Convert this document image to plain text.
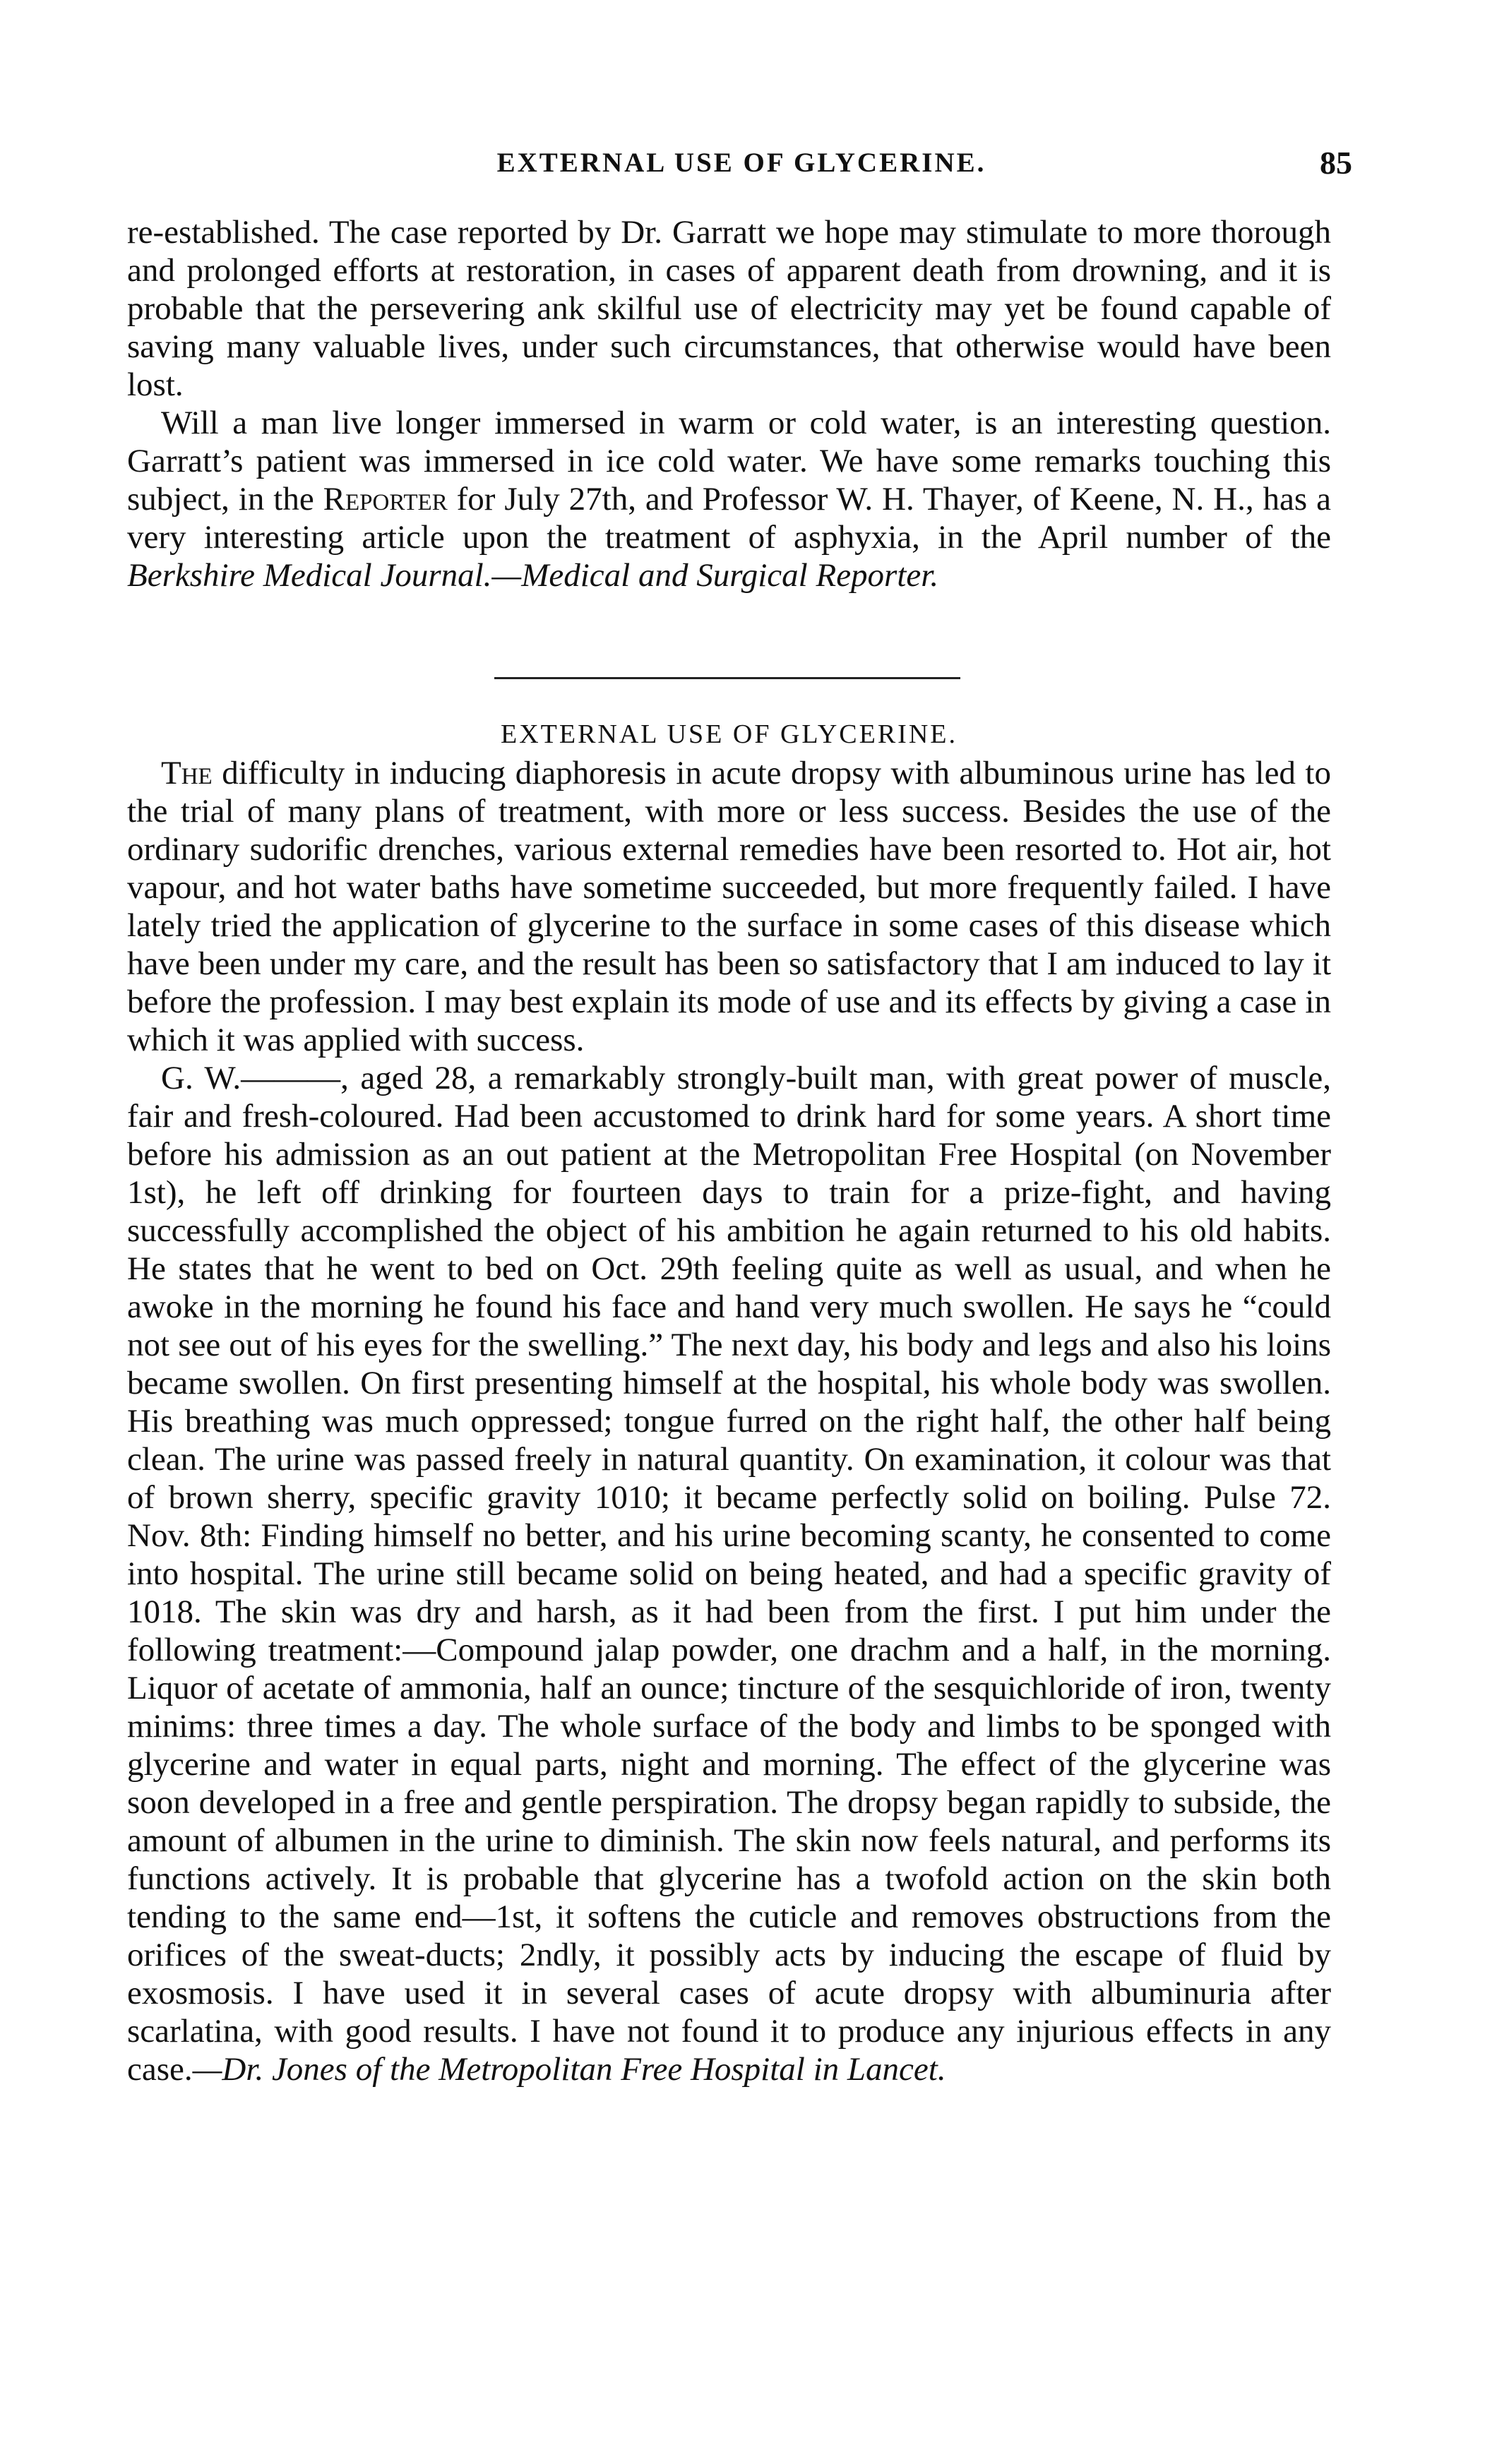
EXTERNAL USE OF GLYCERINE.	85

re-established. The case reported by Dr. Garratt we hope may stimulate to more thorough and prolonged efforts at restoration, in cases of apparent death from drowning, and it is probable that the persevering ank skilful use of electricity may yet be found capable of saving many valuable lives, under such circumstances, that otherwise would have been lost.

Will a man live longer immersed in warm or cold water, is an interesting question. Garratt’s patient was immersed in ice cold water. We have some remarks touching this subject, in the Reporter for July 27th, and Professor W. H. Thayer, of Keene, N. H., has a very interesting article upon the treatment of asphyxia, in the April number of the Berkshire Medical Journal.—Medical and Surgical Reporter.

EXTERNAL USE OF GLYCERINE.

The difficulty in inducing diaphoresis in acute dropsy with albuminous urine has led to the trial of many plans of treatment, with more or less success. Besides the use of the ordinary sudorific drenches, various external remedies have been resorted to. Hot air, hot vapour, and hot water baths have sometime succeeded, but more frequently failed. I have lately tried the application of glycerine to the surface in some cases of this disease which have been under my care, and the result has been so satisfactory that I am induced to lay it before the profession. I may best explain its mode of use and its effects by giving a case in which it was applied with success.

G. W.———, aged 28, a remarkably strongly-built man, with great power of muscle, fair and fresh-coloured. Had been accustomed to drink hard for some years. A short time before his admission as an out patient at the Metropolitan Free Hospital (on November 1st), he left off drinking for fourteen days to train for a prize-fight, and having successfully accomplished the object of his ambition he again returned to his old habits. He states that he went to bed on Oct. 29th feeling quite as well as usual, and when he awoke in the morning he found his face and hand very much swollen. He says he “could not see out of his eyes for the swelling.” The next day, his body and legs and also his loins became swollen. On first presenting himself at the hospital, his whole body was swollen. His breathing was much oppressed; tongue furred on the right half, the other half being clean. The urine was passed freely in natural quantity. On examination, it colour was that of brown sherry, specific gravity 1010; it became perfectly solid on boiling. Pulse 72. Nov. 8th: Finding himself no better, and his urine becoming scanty, he consented to come into hospital. The urine still became solid on being heated, and had a specific gravity of 1018. The skin was dry and harsh, as it had been from the first. I put him under the following treatment:—Compound jalap powder, one drachm and a half, in the morning. Liquor of acetate of ammonia, half an ounce; tincture of the sesquichloride of iron, twenty minims: three times a day. The whole surface of the body and limbs to be sponged with glycerine and water in equal parts, night and morning. The effect of the glycerine was soon developed in a free and gentle perspiration. The dropsy began rapidly to subside, the amount of albumen in the urine to diminish. The skin now feels natural, and performs its functions actively. It is probable that glycerine has a twofold action on the skin both tending to the same end—1st, it softens the cuticle and removes obstructions from the orifices of the sweat-ducts; 2ndly, it possibly acts by inducing the escape of fluid by exosmosis. I have used it in several cases of acute dropsy with albuminuria after scarlatina, with good results. I have not found it to produce any injurious effects in any case.—Dr. Jones of the Metropolitan Free Hospital in Lancet.
